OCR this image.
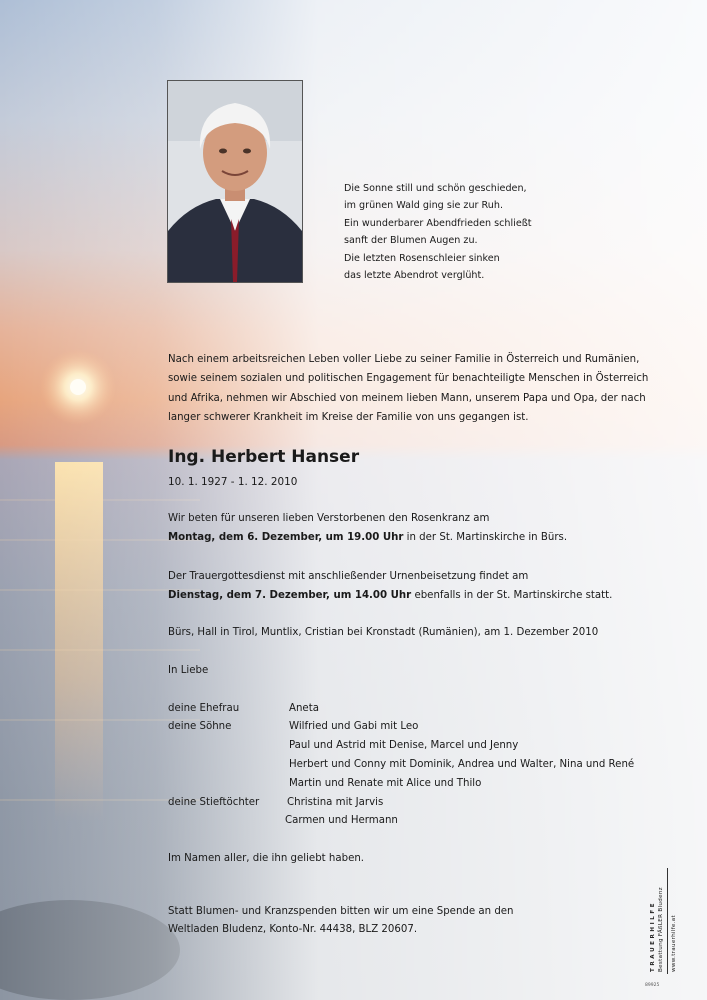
Die Sonne still und schön geschieden,
im grünen Wald ging sie zur Ruh.
Ein wunderbarer Abendfrieden schließt
sanft der Blumen Augen zu.
Die letzten Rosenschleier sinken
das letzte Abendrot verglüht.
Nach einem arbeitsreichen Leben voller Liebe zu seiner Familie in Österreich und Rumänien,
sowie seinem sozialen und politischen Engagement für benachteiligte Menschen in Österreich
und Afrika, nehmen wir Abschied von meinem lieben Mann, unserem Papa und Opa, der nach
langer schwerer Krankheit im Kreise der Familie von uns gegangen ist.
Ing. Herbert Hanser
10. 1. 1927 - 1. 12. 2010
Wir beten für unseren lieben Verstorbenen den Rosenkranz am
Montag, dem 6. Dezember, um 19.00 Uhr in der St. Martinskirche in Bürs.
Der Trauergottesdienst mit anschließender Urnenbeisetzung findet am
Dienstag, dem 7. Dezember, um 14.00 Uhr ebenfalls in der St. Martinskirche statt.
Bürs, Hall in Tirol, Muntlix, Cristian bei Kronstadt (Rumänien), am 1. Dezember 2010
In Liebe
deine Ehefrau	Aneta
deine Söhne	Wilfried und Gabi mit Leo
Paul und Astrid mit Denise, Marcel und Jenny
Herbert und Conny mit Dominik, Andrea und Walter, Nina und René
Martin und Renate mit Alice und Thilo
deine Stieftöchter	Christina mit Jarvis
Carmen und Hermann
Im Namen aller, die ihn geliebt haben.
Statt Blumen- und Kranzspenden bitten wir um eine Spende an den
Weltladen Bludenz, Konto-Nr. 44438, BLZ 20607.	T R A U E R H I L F E Bestattung FÄßLER Bludenz www.trauerhilfe.at
89925
